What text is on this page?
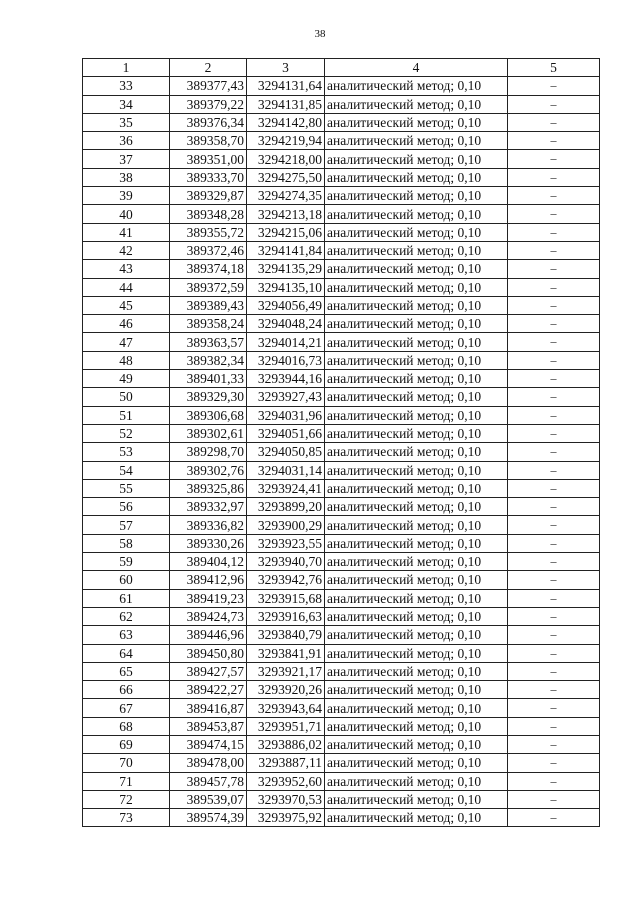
38
1	2	3	4	5
33	389377,43	3294131,64	аналитический метод; 0,10	–
34	389379,22	3294131,85	аналитический метод; 0,10	–
35	389376,34	3294142,80	аналитический метод; 0,10	–
36	389358,70	3294219,94	аналитический метод; 0,10	–
37	389351,00	3294218,00	аналитический метод; 0,10	–
38	389333,70	3294275,50	аналитический метод; 0,10	–
39	389329,87	3294274,35	аналитический метод; 0,10	–
40	389348,28	3294213,18	аналитический метод; 0,10	–
41	389355,72	3294215,06	аналитический метод; 0,10	–
42	389372,46	3294141,84	аналитический метод; 0,10	–
43	389374,18	3294135,29	аналитический метод; 0,10	–
44	389372,59	3294135,10	аналитический метод; 0,10	–
45	389389,43	3294056,49	аналитический метод; 0,10	–
46	389358,24	3294048,24	аналитический метод; 0,10	–
47	389363,57	3294014,21	аналитический метод; 0,10	–
48	389382,34	3294016,73	аналитический метод; 0,10	–
49	389401,33	3293944,16	аналитический метод; 0,10	–
50	389329,30	3293927,43	аналитический метод; 0,10	–
51	389306,68	3294031,96	аналитический метод; 0,10	–
52	389302,61	3294051,66	аналитический метод; 0,10	–
53	389298,70	3294050,85	аналитический метод; 0,10	–
54	389302,76	3294031,14	аналитический метод; 0,10	–
55	389325,86	3293924,41	аналитический метод; 0,10	–
56	389332,97	3293899,20	аналитический метод; 0,10	–
57	389336,82	3293900,29	аналитический метод; 0,10	–
58	389330,26	3293923,55	аналитический метод; 0,10	–
59	389404,12	3293940,70	аналитический метод; 0,10	–
60	389412,96	3293942,76	аналитический метод; 0,10	–
61	389419,23	3293915,68	аналитический метод; 0,10	–
62	389424,73	3293916,63	аналитический метод; 0,10	–
63	389446,96	3293840,79	аналитический метод; 0,10	–
64	389450,80	3293841,91	аналитический метод; 0,10	–
65	389427,57	3293921,17	аналитический метод; 0,10	–
66	389422,27	3293920,26	аналитический метод; 0,10	–
67	389416,87	3293943,64	аналитический метод; 0,10	–
68	389453,87	3293951,71	аналитический метод; 0,10	–
69	389474,15	3293886,02	аналитический метод; 0,10	–
70	389478,00	3293887,11	аналитический метод; 0,10	–
71	389457,78	3293952,60	аналитический метод; 0,10	–
72	389539,07	3293970,53	аналитический метод; 0,10	–
73	389574,39	3293975,92	аналитический метод; 0,10	–
